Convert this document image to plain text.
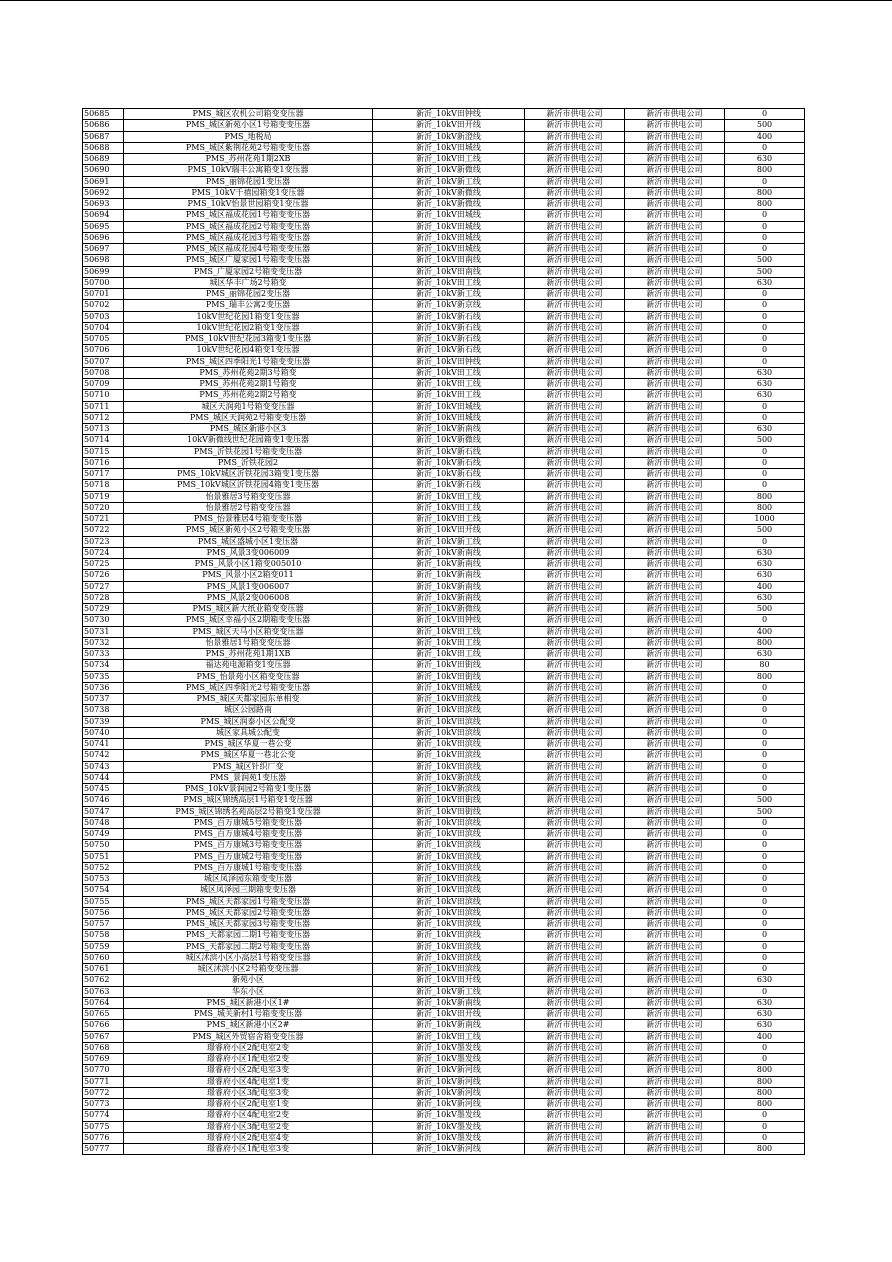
50685	PMS_城区农机公司箱变变压器	新沂_10kV田钟线	新沂市供电公司	新沂市供电公司	0
50686	PMS_城区新苑小区1号箱变变压器	新沂_10kV田开线	新沂市供电公司	新沂市供电公司	500
50687	PMS_地税局	新沂_10kV新澄线	新沂市供电公司	新沂市供电公司	400
50688	PMS_城区紫荆花苑2号箱变变压器	新沂_10kV田城线	新沂市供电公司	新沂市供电公司	0
50689	PMS_苏州花苑1期2XB	新沂_10kV田工线	新沂市供电公司	新沂市供电公司	630
50690	PMS_10kV瑞丰公寓箱变1变压器	新沂_10kV新微线	新沂市供电公司	新沂市供电公司	800
50691	PMS_丽锦花园1变压器	新沂_10kV新工线	新沂市供电公司	新沂市供电公司	0
50692	PMS_10kV千禧园箱变1变压器	新沂_10kV新微线	新沂市供电公司	新沂市供电公司	800
50693	PMS_10kV怡景世园箱变1变压器	新沂_10kV新微线	新沂市供电公司	新沂市供电公司	800
50694	PMS_城区福成花园1号箱变变压器	新沂_10kV田城线	新沂市供电公司	新沂市供电公司	0
50695	PMS_城区福成花园2号箱变变压器	新沂_10kV田城线	新沂市供电公司	新沂市供电公司	0
50696	PMS_城区福成花园3号箱变变压器	新沂_10kV田城线	新沂市供电公司	新沂市供电公司	0
50697	PMS_城区福成花园4号箱变变压器	新沂_10kV田城线	新沂市供电公司	新沂市供电公司	0
50698	PMS_城区广厦家园1号箱变变压器	新沂_10kV田南线	新沂市供电公司	新沂市供电公司	500
50699	PMS_广厦家园2号箱变变压器	新沂_10kV田南线	新沂市供电公司	新沂市供电公司	500
50700	城区华丰广场2号箱变	新沂_10kV田工线	新沂市供电公司	新沂市供电公司	630
50701	PMS_丽锦花园2变压器	新沂_10kV新工线	新沂市供电公司	新沂市供电公司	0
50702	PMS_瑞丰公寓2变压器	新沂_10kV新京线	新沂市供电公司	新沂市供电公司	0
50703	10kV世纪花园1箱变1变压器	新沂_10kV新石线	新沂市供电公司	新沂市供电公司	0
50704	10kV世纪花园2箱变1变压器	新沂_10kV新石线	新沂市供电公司	新沂市供电公司	0
50705	PMS_10kV世纪花园3箱变1变压器	新沂_10kV新石线	新沂市供电公司	新沂市供电公司	0
50706	10kV世纪花园4箱变1变压器	新沂_10kV新石线	新沂市供电公司	新沂市供电公司	0
50707	PMS_城区四季阳光1号箱变变压器	新沂_10kV田钟线	新沂市供电公司	新沂市供电公司	0
50708	PMS_苏州花苑2期3号箱变	新沂_10kV田工线	新沂市供电公司	新沂市供电公司	630
50709	PMS_苏州花苑2期1号箱变	新沂_10kV田工线	新沂市供电公司	新沂市供电公司	630
50710	PMS_苏州花苑2期2号箱变	新沂_10kV田工线	新沂市供电公司	新沂市供电公司	630
50711	城区天润苑1号箱变变压器	新沂_10kV田城线	新沂市供电公司	新沂市供电公司	0
50712	PMS_城区天润苑2号箱变变压器	新沂_10kV田城线	新沂市供电公司	新沂市供电公司	0
50713	PMS_城区新港小区3	新沂_10kV新南线	新沂市供电公司	新沂市供电公司	630
50714	10kV新微线世纪花园箱变1变压器	新沂_10kV新微线	新沂市供电公司	新沂市供电公司	500
50715	PMS_沂铁花园1号箱变变压器	新沂_10kV新石线	新沂市供电公司	新沂市供电公司	0
50716	PMS_沂铁花园2	新沂_10kV新石线	新沂市供电公司	新沂市供电公司	0
50717	PMS_10kV城区沂铁花园3箱变1变压器	新沂_10kV新石线	新沂市供电公司	新沂市供电公司	0
50718	PMS_10kV城区沂铁花园4箱变1变压器	新沂_10kV新石线	新沂市供电公司	新沂市供电公司	0
50719	怡景雅居3号箱变变压器	新沂_10kV田工线	新沂市供电公司	新沂市供电公司	800
50720	怡景雅居2号箱变变压器	新沂_10kV田工线	新沂市供电公司	新沂市供电公司	800
50721	PMS_怡景雅居4号箱变变压器	新沂_10kV田工线	新沂市供电公司	新沂市供电公司	1000
50722	PMS_城区新苑小区2号箱变变压器	新沂_10kV田开线	新沂市供电公司	新沂市供电公司	500
50723	PMS_城区盛城小区1变压器	新沂_10kV新工线	新沂市供电公司	新沂市供电公司	0
50724	PMS_风景3变006009	新沂_10kV新南线	新沂市供电公司	新沂市供电公司	630
50725	PMS_风景小区1箱变005010	新沂_10kV新南线	新沂市供电公司	新沂市供电公司	630
50726	PMS_风景小区2箱变011	新沂_10kV新南线	新沂市供电公司	新沂市供电公司	630
50727	PMS_风景1变006007	新沂_10kV新南线	新沂市供电公司	新沂市供电公司	400
50728	PMS_风景2变006008	新沂_10kV新南线	新沂市供电公司	新沂市供电公司	630
50729	PMS_城区新大纸业箱变变压器	新沂_10kV新微线	新沂市供电公司	新沂市供电公司	500
50730	PMS_城区幸福小区2期箱变变压器	新沂_10kV田钟线	新沂市供电公司	新沂市供电公司	0
50731	PMS_城区天马小区箱变变压器	新沂_10kV田工线	新沂市供电公司	新沂市供电公司	400
50732	怡景雅居1号箱变变压器	新沂_10kV田工线	新沂市供电公司	新沂市供电公司	800
50733	PMS_苏州花苑1期1XB	新沂_10kV田工线	新沂市供电公司	新沂市供电公司	630
50734	福达苑电源箱变1变压器	新沂_10kV田街线	新沂市供电公司	新沂市供电公司	80
50735	PMS_怡景苑小区箱变变压器	新沂_10kV田街线	新沂市供电公司	新沂市供电公司	800
50736	PMS_城区四季阳光2号箱变变压器	新沂_10kV田城线	新沂市供电公司	新沂市供电公司	0
50737	PMS_城区天都家园东单相变	新沂_10kV田滨线	新沂市供电公司	新沂市供电公司	0
50738	城区公园路南	新沂_10kV田滨线	新沂市供电公司	新沂市供电公司	0
50739	PMS_城区润泰小区公配变	新沂_10kV田滨线	新沂市供电公司	新沂市供电公司	0
50740	城区家具城公配变	新沂_10kV田滨线	新沂市供电公司	新沂市供电公司	0
50741	PMS_城区华夏一巷公变	新沂_10kV田滨线	新沂市供电公司	新沂市供电公司	0
50742	PMS_城区华夏一巷北公变	新沂_10kV田滨线	新沂市供电公司	新沂市供电公司	0
50743	PMS_城区针织厂变	新沂_10kV田滨线	新沂市供电公司	新沂市供电公司	0
50744	PMS_景润苑1变压器	新沂_10kV新滨线	新沂市供电公司	新沂市供电公司	0
50745	PMS_10kV景润园2号箱变1变压器	新沂_10kV新滨线	新沂市供电公司	新沂市供电公司	0
50746	PMS_城区锦绣高层1号箱变1变压器	新沂_10kV田街线	新沂市供电公司	新沂市供电公司	500
50747	PMS_城区锦绣名苑高层2号箱变1变压器	新沂_10kV田街线	新沂市供电公司	新沂市供电公司	500
50748	PMS_百万康城5号箱变变压器	新沂_10kV田滨线	新沂市供电公司	新沂市供电公司	0
50749	PMS_百万康城4号箱变变压器	新沂_10kV田滨线	新沂市供电公司	新沂市供电公司	0
50750	PMS_百万康城3号箱变变压器	新沂_10kV田滨线	新沂市供电公司	新沂市供电公司	0
50751	PMS_百万康城2号箱变变压器	新沂_10kV田滨线	新沂市供电公司	新沂市供电公司	0
50752	PMS_百万康城1号箱变变压器	新沂_10kV田滨线	新沂市供电公司	新沂市供电公司	0
50753	城区凤泽园东箱变变压器	新沂_10kV田滨线	新沂市供电公司	新沂市供电公司	0
50754	城区凤泽园三期箱变变压器	新沂_10kV田滨线	新沂市供电公司	新沂市供电公司	0
50755	PMS_城区天都家园1号箱变变压器	新沂_10kV田滨线	新沂市供电公司	新沂市供电公司	0
50756	PMS_城区天都家园2号箱变变压器	新沂_10kV田滨线	新沂市供电公司	新沂市供电公司	0
50757	PMS_城区天都家园3号箱变变压器	新沂_10kV田滨线	新沂市供电公司	新沂市供电公司	0
50758	PMS_天都家园二期1号箱变变压器	新沂_10kV田滨线	新沂市供电公司	新沂市供电公司	0
50759	PMS_天都家园二期2号箱变变压器	新沂_10kV田滨线	新沂市供电公司	新沂市供电公司	0
50760	城区沭滨小区小高层1号箱变变压器	新沂_10kV田滨线	新沂市供电公司	新沂市供电公司	0
50761	城区沭滨小区2号箱变变压器	新沂_10kV田滨线	新沂市供电公司	新沂市供电公司	0
50762	新苑小区	新沂_10kV田开线	新沂市供电公司	新沂市供电公司	630
50763	华东小区	新沂_10kV新工线	新沂市供电公司	新沂市供电公司	0
50764	PMS_城区新港小区1#	新沂_10kV新南线	新沂市供电公司	新沂市供电公司	630
50765	PMS_城关新村1号箱变变压器	新沂_10kV田开线	新沂市供电公司	新沂市供电公司	630
50766	PMS_城区新港小区2#	新沂_10kV新南线	新沂市供电公司	新沂市供电公司	630
50767	PMS_城区外贸宿舍箱变变压器	新沂_10kV田工线	新沂市供电公司	新沂市供电公司	400
50768	璟睿府小区2配电室2变	新沂_10kV墨发线	新沂市供电公司	新沂市供电公司	0
50769	璟睿府小区1配电室2变	新沂_10kV墨发线	新沂市供电公司	新沂市供电公司	0
50770	璟睿府小区2配电室3变	新沂_10kV新河线	新沂市供电公司	新沂市供电公司	800
50771	璟睿府小区4配电室1变	新沂_10kV新河线	新沂市供电公司	新沂市供电公司	800
50772	璟睿府小区3配电室3变	新沂_10kV新河线	新沂市供电公司	新沂市供电公司	800
50773	璟睿府小区2配电室1变	新沂_10kV新河线	新沂市供电公司	新沂市供电公司	800
50774	璟睿府小区4配电室2变	新沂_10kV墨发线	新沂市供电公司	新沂市供电公司	0
50775	璟睿府小区3配电室2变	新沂_10kV墨发线	新沂市供电公司	新沂市供电公司	0
50776	璟睿府小区2配电室4变	新沂_10kV墨发线	新沂市供电公司	新沂市供电公司	0
50777	璟睿府小区1配电室3变	新沂_10kV新河线	新沂市供电公司	新沂市供电公司	800
